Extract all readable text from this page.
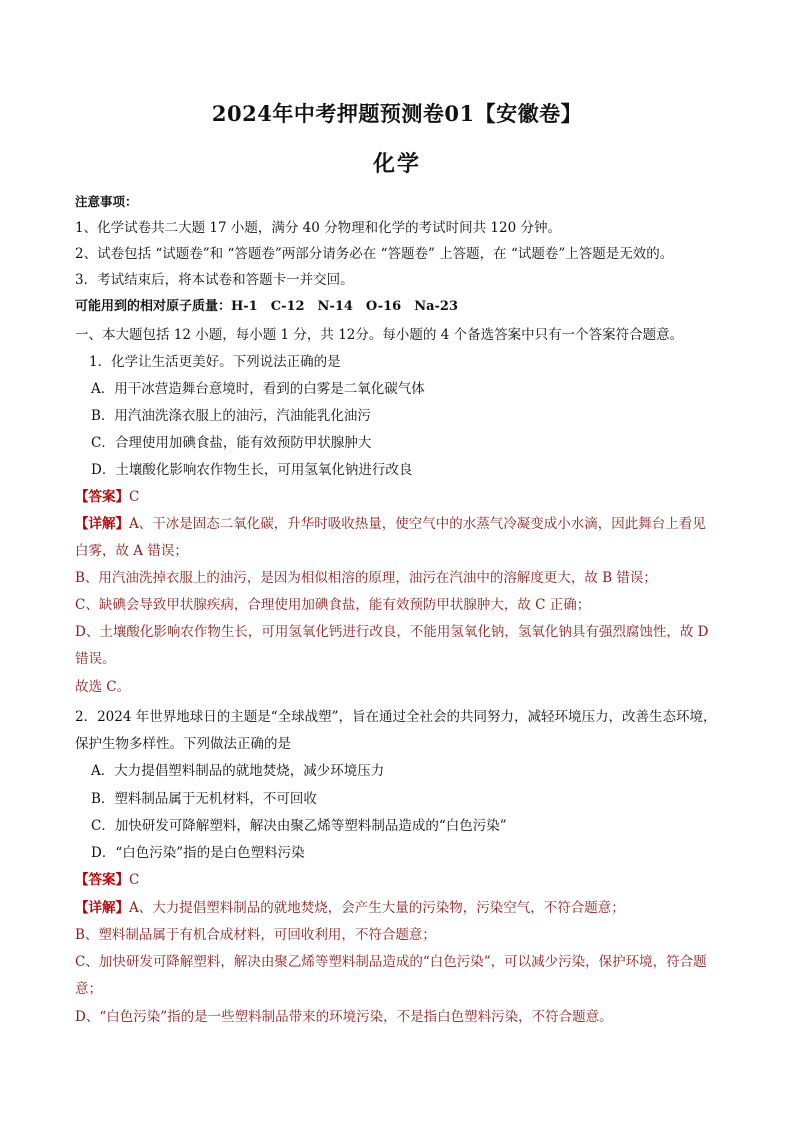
2024年中考押题预测卷01【安徽卷】
化学
注意事项：
1、化学试卷共二大题 17 小题，满分 40 分物理和化学的考试时间共 120 分钟。
2、试卷包括 “试题卷”和 “答题卷”两部分请务必在 “答题卷” 上答题，在 “试题卷”上答题是无效的。
3．考试结束后，将本试卷和答题卡一并交回。
可能用到的相对原子质量：H-1　C-12　N-14　O-16　Na-23
一、本大题包括 12 小题，每小题 1 分，共 12分。每小题的 4 个备选答案中只有一个答案符合题意。
1．化学让生活更美好。下列说法正确的是
A．用干冰营造舞台意境时，看到的白雾是二氧化碳气体
B．用汽油洗涤衣服上的油污，汽油能乳化油污
C．合理使用加碘食盐，能有效预防甲状腺肿大
D．土壤酸化影响农作物生长，可用氢氧化钠进行改良
【答案】C
【详解】A、干冰是固态二氧化碳，升华时吸收热量，使空气中的水蒸气冷凝变成小水滴，因此舞台上看见
白雾，故 A 错误；
B、用汽油洗掉衣服上的油污，是因为相似相溶的原理，油污在汽油中的溶解度更大，故 B 错误；
C、缺碘会导致甲状腺疾病，合理使用加碘食盐，能有效预防甲状腺肿大，故 C 正确；
D、土壤酸化影响农作物生长，可用氢氧化钙进行改良，不能用氢氧化钠，氢氧化钠具有强烈腐蚀性，故 D
错误。
故选 C。
2．2024 年世界地球日的主题是“全球战塑”，旨在通过全社会的共同努力，减轻环境压力，改善生态环境，
保护生物多样性。下列做法正确的是
A．大力提倡塑料制品的就地焚烧，减少环境压力
B．塑料制品属于无机材料，不可回收
C．加快研发可降解塑料，解决由聚乙烯等塑料制品造成的“白色污染”
D．“白色污染”指的是白色塑料污染
【答案】C
【详解】A、大力提倡塑料制品的就地焚烧，会产生大量的污染物，污染空气，不符合题意；
B、塑料制品属于有机合成材料，可回收利用，不符合题意；
C、加快研发可降解塑料，解决由聚乙烯等塑料制品造成的“白色污染”，可以减少污染，保护环境，符合题
意；
D、“白色污染”指的是一些塑料制品带来的环境污染，不是指白色塑料污染，不符合题意。
